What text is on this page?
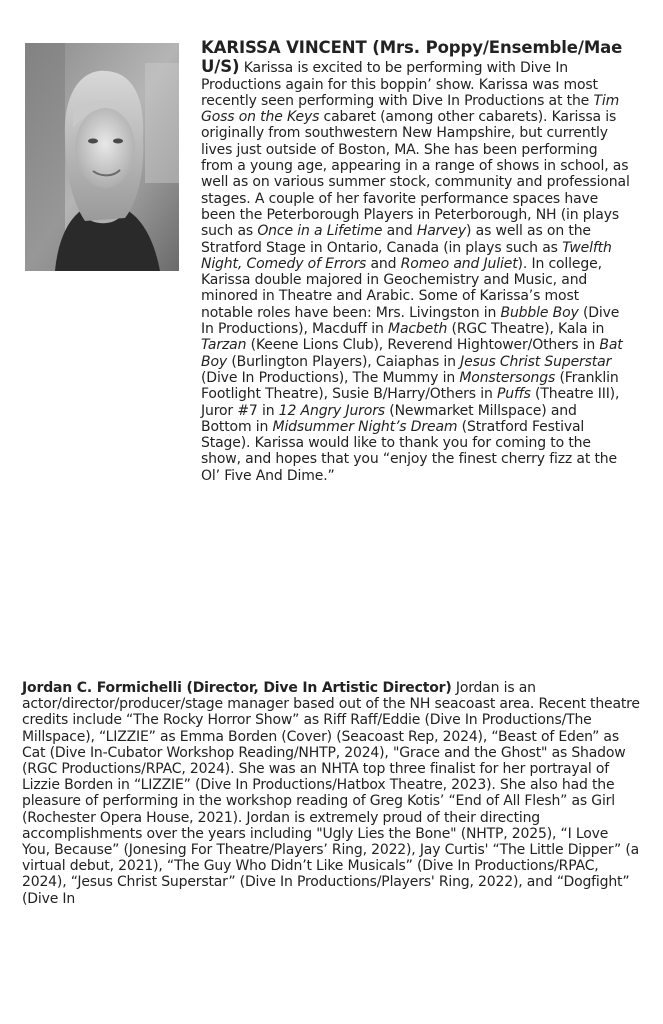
KARISSA VINCENT (Mrs. Poppy/Ensemble/Mae U/S) Karissa is excited to be performing with Dive In Productions again for this boppin’ show. Karissa was most recently seen performing with Dive In Productions at the Tim Goss on the Keys cabaret (among other cabarets). Karissa is originally from southwestern New Hampshire, but currently lives just outside of Boston, MA. She has been performing from a young age, appearing in a range of shows in school, as well as on various summer stock, community and professional stages. A couple of her favorite performance spaces have been the Peterborough Players in Peterborough, NH (in plays such as Once in a Lifetime and Harvey) as well as on the Stratford Stage in Ontario, Canada (in plays such as Twelfth Night, Comedy of Errors and Romeo and Juliet). In college, Karissa double majored in Geochemistry and Music, and minored in Theatre and Arabic. Some of Karissa’s most notable roles have been: Mrs. Livingston in Bubble Boy (Dive In Productions), Macduff in Macbeth (RGC Theatre), Kala in Tarzan (Keene Lions Club), Reverend Hightower/Others in Bat Boy (Burlington Players), Caiaphas in Jesus Christ Superstar (Dive In Productions), The Mummy in Monstersongs (Franklin Footlight Theatre), Susie B/Harry/Others in Puffs (Theatre III), Juror #7 in 12 Angry Jurors (Newmarket Millspace) and Bottom in Midsummer Night’s Dream (Stratford Festival Stage). Karissa would like to thank you for coming to the show, and hopes that you “enjoy the finest cherry fizz at the Ol’ Five And Dime.”
Jordan C. Formichelli (Director, Dive In Artistic Director) Jordan is an actor/director/producer/stage manager based out of the NH seacoast area. Recent theatre credits include “The Rocky Horror Show” as Riff Raff/Eddie (Dive In Productions/The Millspace), “LIZZIE” as Emma Borden (Cover) (Seacoast Rep, 2024), “Beast of Eden” as Cat (Dive In-Cubator Workshop Reading/NHTP, 2024), "Grace and the Ghost" as Shadow (RGC Productions/RPAC, 2024). She was an NHTA top three finalist for her portrayal of Lizzie Borden in “LIZZIE” (Dive In Productions/Hatbox Theatre, 2023). She also had the pleasure of performing in the workshop reading of Greg Kotis’ “End of All Flesh” as Girl (Rochester Opera House, 2021). Jordan is extremely proud of their directing accomplishments over the years including "Ugly Lies the Bone" (NHTP, 2025), “I Love You, Because” (Jonesing For Theatre/Players’ Ring, 2022), Jay Curtis' “The Little Dipper” (a virtual debut, 2021), “The Guy Who Didn’t Like Musicals” (Dive In Productions/RPAC, 2024), “Jesus Christ Superstar” (Dive In Productions/Players' Ring, 2022), and “Dogfight” (Dive In
